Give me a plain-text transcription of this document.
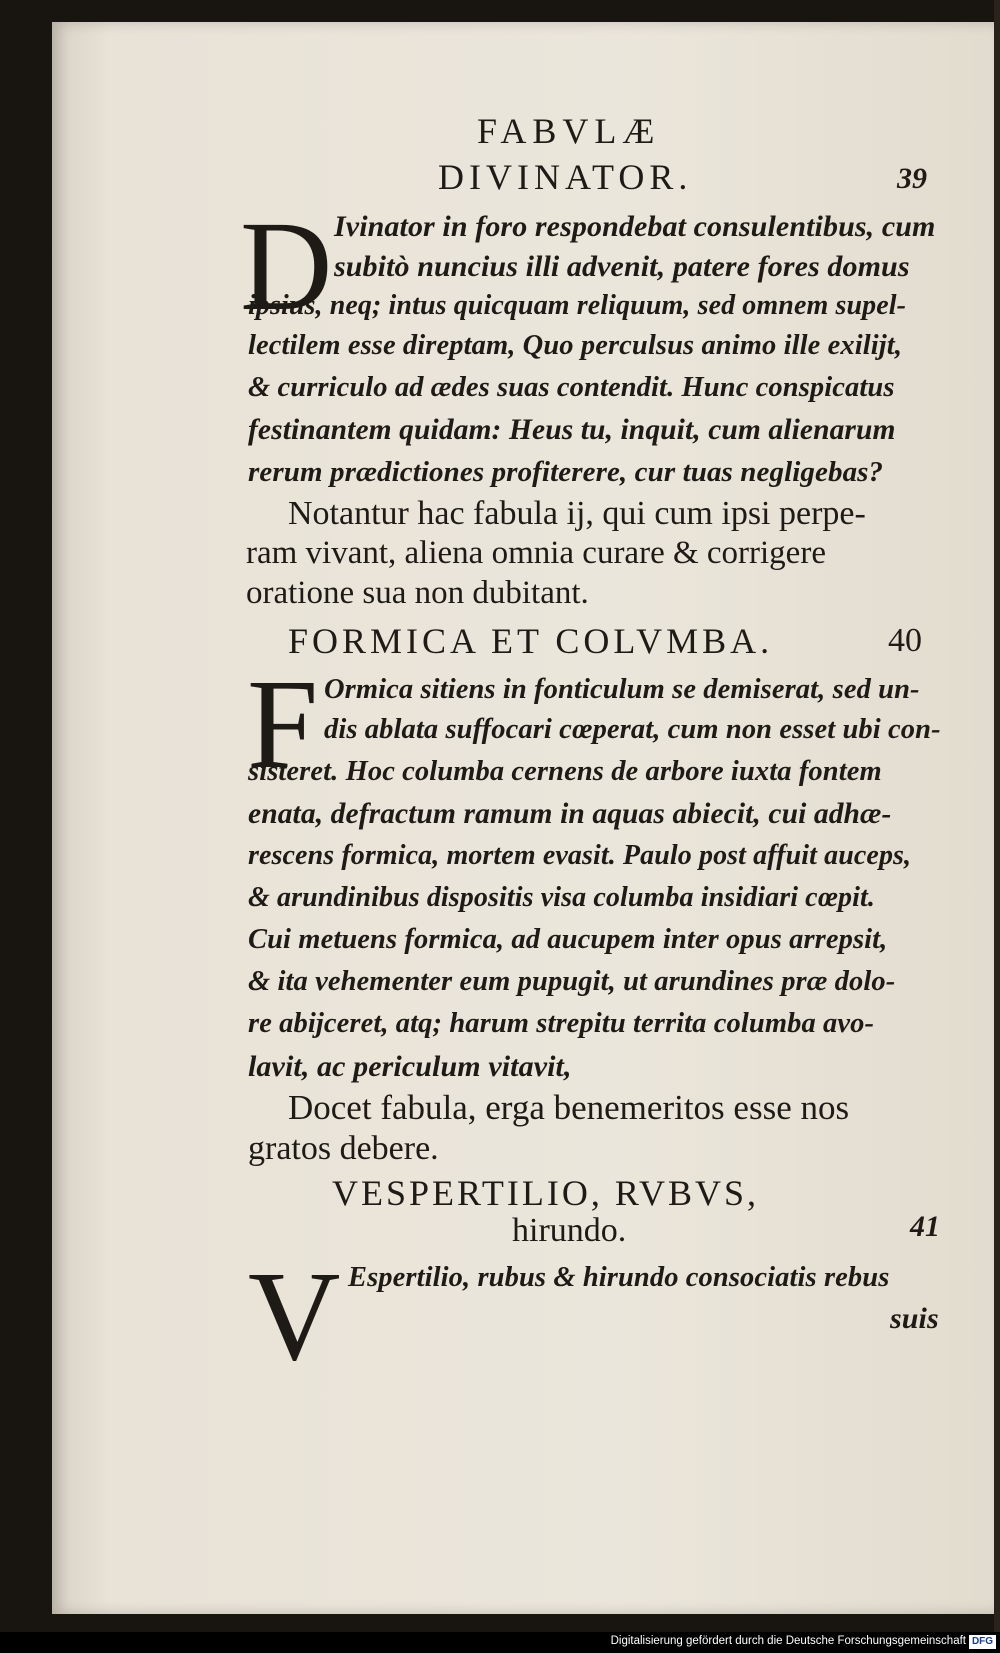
FABVLÆ
DIVINATOR.	39
D Ivinator in foro respondebat consulentibus, cum
subitò nuncius illi advenit, patere fores domus
ipsius, neq; intus quicquam reliquum, sed omnem supel-
lectilem esse direptam, Quo perculsus animo ille exilijt,
& curriculo ad ædes suas contendit. Hunc conspicatus
festinantem quidam: Heus tu, inquit, cum alienarum
rerum prædictiones profiterere, cur tuas negligebas?
Notantur hac fabula ij, qui cum ipsi perpe-
ram vivant, aliena omnia curare & corrigere
oratione sua non dubitant.
FORMICA ET COLVMBA.	40
F Ormica sitiens in fonticulum se demiserat, sed un-
dis ablata suffocari cœperat, cum non esset ubi con-
sisteret. Hoc columba cernens de arbore iuxta fontem
enata, defractum ramum in aquas abiecit, cui adhæ-
rescens formica, mortem evasit. Paulo post affuit auceps,
& arundinibus dispositis visa columba insidiari cœpit.
Cui metuens formica, ad aucupem inter opus arrepsit,
& ita vehementer eum pupugit, ut arundines præ dolo-
re abijceret, atq; harum strepitu territa columba avo-
lavit, ac periculum vitavit,
Docet fabula, erga benemeritos esse nos
gratos debere.
VESPERTILIO, RVBVS,
hirundo.	41
V Espertilio, rubus & hirundo consociatis rebus
suis
Digitalisierung gefördert durch die Deutsche Forschungsgemeinschaft DFG
